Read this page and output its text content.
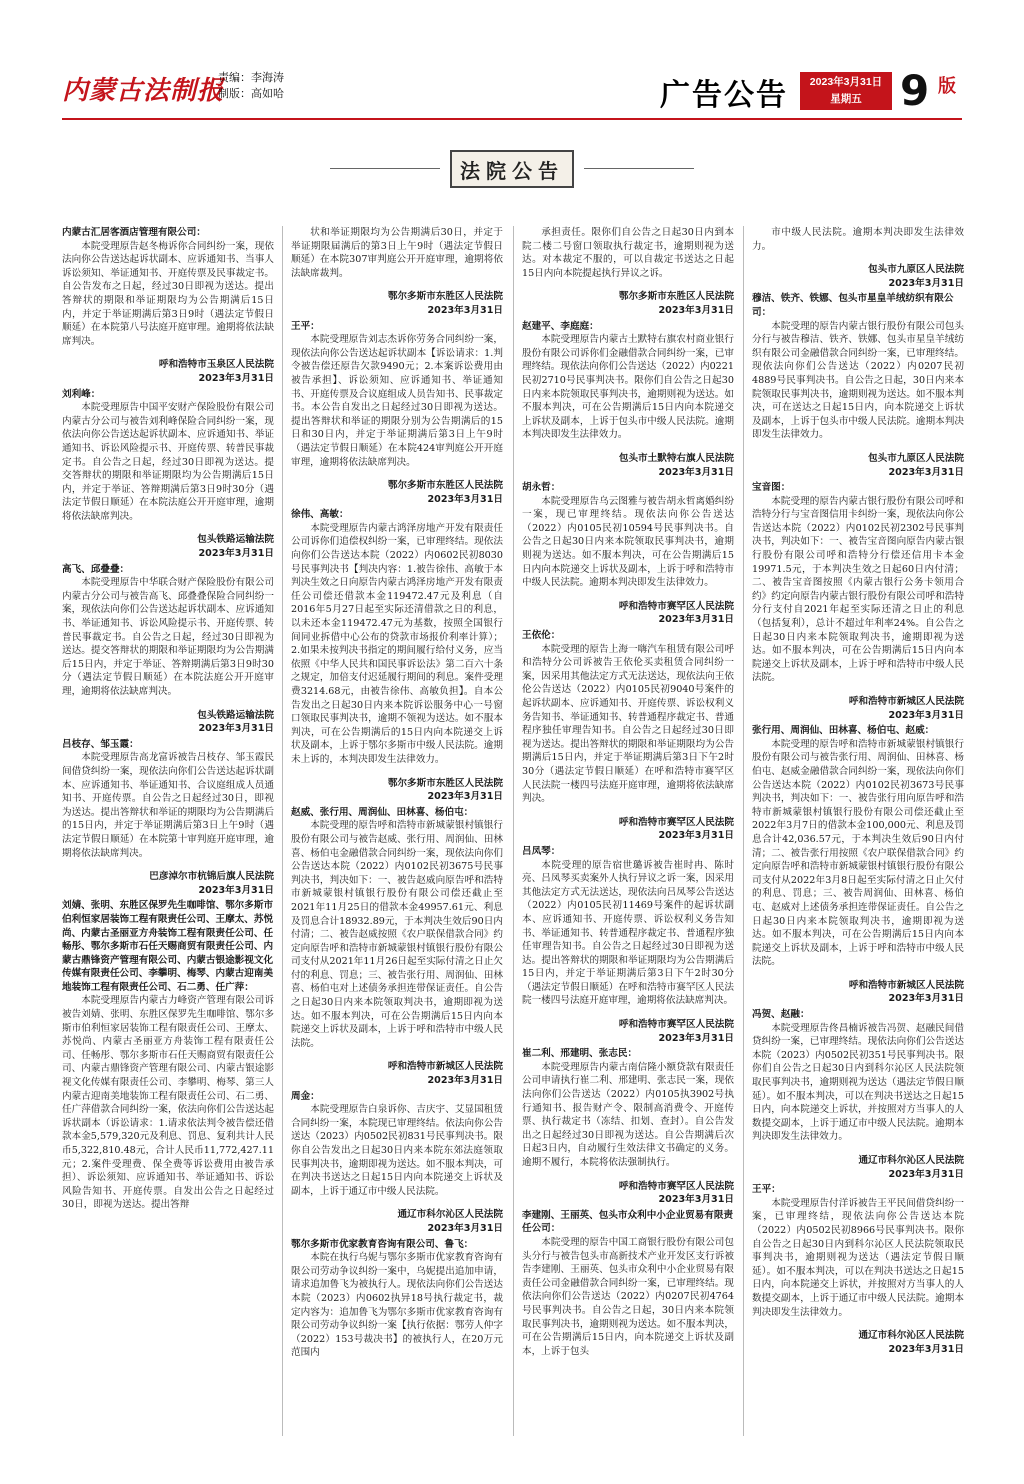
内蒙古法制报
责编：李海涛
制版：高如哈	广告公告	2023年3月31日
星期五 9 版
法院公告
内蒙古汇居客酒店管理有限公司：
本院受理原告赵冬梅诉你合同纠纷一案，现依法向你公告送达起诉状副本、应诉通知书、当事人诉讼须知、举证通知书、开庭传票及民事裁定书。自公告发布之日起，经过30日即视为送达。提出答辩状的期限和举证期限均为公告期满后15日内，并定于举证期满后第3日9时（遇法定节假日顺延）在本院第八号法庭开庭审理。逾期将依法缺席判决。
呼和浩特市玉泉区人民法院
2023年3月31日
刘利峰：
本院受理原告中国平安财产保险股份有限公司内蒙古分公司与被告刘利峰保险合同纠纷一案，现依法向你公告送达起诉状副本、应诉通知书、举证通知书、诉讼风险提示书、开庭传票、转普民事裁定书。自公告之日起，经过30日即视为送达。提交答辩状的期限和举证期限均为公告期满后15日内，并定于举证、答辩期满后第3日9时30分（遇法定节假日顺延）在本院法庭公开开庭审理，逾期将依法缺席判决。
包头铁路运输法院
2023年3月31日
高飞、邱叠叠：
本院受理原告中华联合财产保险股份有限公司内蒙古分公司与被告高飞、邱叠叠保险合同纠纷一案，现依法向你们公告送达起诉状副本、应诉通知书、举证通知书、诉讼风险提示书、开庭传票、转普民事裁定书。自公告之日起，经过30日即视为送达。提交答辩状的期限和举证期限均为公告期满后15日内，并定于举证、答辩期满后第3日9时30分（遇法定节假日顺延）在本院法庭公开开庭审理，逾期将依法缺席判决。
包头铁路运输法院
2023年3月31日
吕枝存、邹玉霞：
本院受理原告高龙富诉被告吕枝存、邹玉霞民间借贷纠纷一案，现依法向你们公告送达起诉状副本、应诉通知书、举证通知书、合议庭组成人员通知书、开庭传票。自公告之日起经过30日，即视为送达。提出答辩状和举证的期限均为公告期满后的15日内，并定于举证期满后第3日上午9时（遇法定节假日顺延）在本院第十审判庭开庭审理，逾期将依法缺席判决。
巴彦淖尔市杭锦后旗人民法院
2023年3月31日
刘婧、张明、东胜区保罗先生咖啡馆、鄂尔多斯市伯利恒家居装饰工程有限责任公司、王摩太、苏悦尚、内蒙古圣丽亚方舟装饰工程有限责任公司、任畅彤、鄂尔多斯市石任天赐商贸有限责任公司、内蒙古鼎锋资产管理有限公司、内蒙古银途影视文化传媒有限责任公司、李攀明、梅琴、内蒙古迎南美地装饰工程有限责任公司、石二勇、任广萍：
本院受理原告内蒙古力峰资产管理有限公司诉被告刘婧、张明、东胜区保罗先生咖啡馆、鄂尔多斯市伯利恒家居装饰工程有限责任公司、王摩太、苏悦尚、内蒙古圣丽亚方舟装饰工程有限责任公司、任畅彤、鄂尔多斯市石任天赐商贸有限责任公司、内蒙古鼎锋资产管理有限公司、内蒙古银途影视文化传媒有限责任公司、李攀明、梅琴、第三人内蒙古迎南美地装饰工程有限责任公司、石二勇、任广萍借款合同纠纷一案，依法向你们公告送达起诉状副本（诉讼请求：1.请求依法判令被告偿还借款本金5,579,320元及利息、罚息、复利共计人民币5,322,810.48元，合计人民币11,772,427.11元；2.案件受理费、保全费等诉讼费用由被告承担）、诉讼须知、应诉通知书、举证通知书、诉讼风险告知书、开庭传票。自发出公告之日起经过30日，即视为送达。提出答辩
状和举证期限均为公告期满后30日，并定于举证期限届满后的第3日上午9时（遇法定节假日顺延）在本院307审判庭公开开庭审理，逾期将依法缺席裁判。
鄂尔多斯市东胜区人民法院
2023年3月31日
王平：
本院受理原告刘志杰诉你劳务合同纠纷一案，现依法向你公告送达起诉状副本【诉讼请求：1.判令被告偿还原告欠款9490元；2.本案诉讼费用由被告承担】、诉讼须知、应诉通知书、举证通知书、开庭传票及合议庭组成人员告知书、民事裁定书。本公告自发出之日起经过30日即视为送达。提出答辩状和举证的期限分别为公告期满后的15日和30日内，并定于举证期满后第3日上午9时（遇法定节假日顺延）在本院424审判庭公开开庭审理，逾期将依法缺席判决。
鄂尔多斯市东胜区人民法院
2023年3月31日
徐伟、高敏：
本院受理原告内蒙古鸿泽房地产开发有限责任公司诉你们追偿权纠纷一案，已审理终结。现依法向你们公告送达本院（2022）内0602民初8030号民事判决书【判决内容：1.被告徐伟、高敏于本判决生效之日向原告内蒙古鸿泽房地产开发有限责任公司偿还借款本金119472.47元及利息（自2016年5月27日起至实际还清借款之日的利息，以未还本金119472.47元为基数，按照全国银行间同业拆借中心公布的贷款市场报价利率计算）；2.如果未按判决书指定的期间履行给付义务，应当依照《中华人民共和国民事诉讼法》第二百六十条之规定，加倍支付迟延履行期间的利息。案件受理费3214.68元，由被告徐伟、高敏负担】。自本公告发出之日起30日内来本院诉讼服务中心一号窗口领取民事判决书，逾期不领视为送达。如不服本判决，可在公告期满后的15日内向本院递交上诉状及副本，上诉于鄂尔多斯市中级人民法院。逾期未上诉的，本判决即发生法律效力。
鄂尔多斯市东胜区人民法院
2023年3月31日
赵威、张行用、周润仙、田林喜、杨伯屯：
本院受理的原告呼和浩特市新城蒙银村镇银行股份有限公司与被告赵威、张行用、周润仙、田林喜、杨伯屯金融借款合同纠纷一案，现依法向你们公告送达本院（2022）内0102民初3675号民事判决书，判决如下：一、被告赵威向原告呼和浩特市新城蒙银村镇银行股份有限公司偿还截止至2021年11月25日的借款本金49957.61元、利息及罚息合计18932.89元，于本判决生效后90日内付清；二、被告赵威按照《农户联保借款合同》约定向原告呼和浩特市新城蒙银村镇银行股份有限公司支付从2021年11月26日起至实际付清之日止欠付的利息、罚息；三、被告张行用、周润仙、田林喜、杨伯屯对上述债务承担连带保证责任。自公告之日起30日内来本院领取判决书，逾期即视为送达。如不服本判决，可在公告期满后15日内向本院递交上诉状及副本，上诉于呼和浩特市中级人民法院。
呼和浩特市新城区人民法院
2023年3月31日
周金：
本院受理原告白泉诉你、吉庆宇、艾显国租赁合同纠纷一案，本院现已审理终结。依法向你公告送达（2023）内0502民初831号民事判决书。限你自公告发出之日起30日内来本院东郊法庭领取民事判决书，逾期即视为送达。如不服本判决，可在判决书送达之日起15日内向本院递交上诉状及副本，上诉于通辽市中级人民法院。
通辽市科尔沁区人民法院
2023年3月31日
鄂尔多斯市优家教育咨询有限公司、鲁飞：
本院在执行乌妮与鄂尔多斯市优家教育咨询有限公司劳动争议纠纷一案中，乌妮提出追加申请，请求追加鲁飞为被执行人。现依法向你们公告送达本院（2023）内0602执异18号执行裁定书，裁定内容为：追加鲁飞为鄂尔多斯市优家教育咨询有限公司劳动争议纠纷一案【执行依据：鄂劳人仲字（2022）153号裁决书】的被执行人，在20万元范围内
承担责任。限你们自公告之日起30日内到本院二楼二号窗口领取执行裁定书，逾期则视为送达。对本裁定不服的，可以自裁定书送达之日起15日内向本院提起执行异议之诉。
鄂尔多斯市东胜区人民法院
2023年3月31日
赵建平、李庭庭：
本院受理原告内蒙古土默特右旗农村商业银行股份有限公司诉你们金融借款合同纠纷一案，已审理终结。现依法向你们公告送达（2022）内0221民初2710号民事判决书。限你们自公告之日起30日内来本院领取民事判决书，逾期则视为送达。如不服本判决，可在公告期满后15日内向本院递交上诉状及副本，上诉于包头市中级人民法院。逾期本判决即发生法律效力。
包头市土默特右旗人民法院
2023年3月31日
胡永哲：
本院受理原告乌云图雅与被告胡永哲离婚纠纷一案，现已审理终结。现依法向你公告送达（2022）内0105民初10594号民事判决书。自公告之日起30日内来本院领取民事判决书，逾期则视为送达。如不服本判决，可在公告期满后15日内向本院递交上诉状及副本，上诉于呼和浩特市中级人民法院。逾期本判决即发生法律效力。
呼和浩特市赛罕区人民法院
2023年3月31日
王依伦：
本院受理的原告上海一嗨汽车租赁有限公司呼和浩特分公司诉被告王依伦买卖租赁合同纠纷一案，因采用其他法定方式无法送达，现依法向王依伦公告送达（2022）内0105民初9040号案件的起诉状副本、应诉通知书、开庭传票、诉讼权利义务告知书、举证通知书、转普通程序裁定书、普通程序独任审理告知书。自公告之日起经过30日即视为送达。提出答辩状的期限和举证期限均为公告期满后15日内，并定于举证期满后第3日下午2时30分（遇法定节假日顺延）在呼和浩特市赛罕区人民法院一楼四号法庭开庭审理，逾期将依法缺席判决。
呼和浩特市赛罕区人民法院
2023年3月31日
吕凤琴：
本院受理的原告宿世璐诉被告崔时冉、陈时亮、吕凤琴买卖案外人执行异议之诉一案，因采用其他法定方式无法送达，现依法向吕凤琴公告送达（2022）内0105民初11469号案件的起诉状副本、应诉通知书、开庭传票、诉讼权利义务告知书、举证通知书、转普通程序裁定书、普通程序独任审理告知书。自公告之日起经过30日即视为送达。提出答辩状的期限和举证期限均为公告期满后15日内，并定于举证期满后第3日下午2时30分（遇法定节假日顺延）在呼和浩特市赛罕区人民法院一楼四号法庭开庭审理，逾期将依法缺席判决。
呼和浩特市赛罕区人民法院
2023年3月31日
崔二利、邢建明、张志民：
本院受理原告内蒙古南信隆小额贷款有限责任公司申请执行崔二利、邢建明、张志民一案，现依法向你们公告送达（2022）内0105执3902号执行通知书、报告财产令、限制高消费令、开庭传票、执行裁定书（冻结、扣划、查封）。自公告发出之日起经过30日即视为送达。自公告期满后次日起3日内，自动履行生效法律文书确定的义务。逾期不履行，本院将依法强制执行。
呼和浩特市赛罕区人民法院
2023年3月31日
李建刚、王丽英、包头市众利中小企业贸易有限责任公司：
本院受理的原告中国工商银行股份有限公司包头分行与被告包头市高新技术产业开发区支行诉被告李建刚、王丽英、包头市众利中小企业贸易有限责任公司金融借款合同纠纷一案，已审理终结。现依法向你们公告送达（2022）内0207民初4764号民事判决书。自公告之日起，30日内来本院领取民事判决书，逾期则视为送达。如不服本判决，可在公告期满后15日内，向本院递交上诉状及副本，上诉于包头
市中级人民法院。逾期本判决即发生法律效力。
包头市九原区人民法院
2023年3月31日
穆洁、铁齐、铁娜、包头市星皇羊绒纺织有限公司：
本院受理的原告内蒙古银行股份有限公司包头分行与被告穆洁、铁齐、铁娜、包头市星皇羊绒纺织有限公司金融借款合同纠纷一案，已审理终结。现依法向你们公告送达（2022）内0207民初4889号民事判决书。自公告之日起，30日内来本院领取民事判决书，逾期则视为送达。如不服本判决，可在送达之日起15日内，向本院递交上诉状及副本，上诉于包头市中级人民法院。逾期本判决即发生法律效力。
包头市九原区人民法院
2023年3月31日
宝音图：
本院受理的原告内蒙古银行股份有限公司呼和浩特分行与宝音图信用卡纠纷一案，现依法向你公告送达本院（2022）内0102民初2302号民事判决书，判决如下：一、被告宝音图向原告内蒙古银行股份有限公司呼和浩特分行偿还信用卡本金19971.5元，于本判决生效之日起60日内付清；二、被告宝音图按照《内蒙古银行公务卡领用合约》约定向原告内蒙古银行股份有限公司呼和浩特分行支付自2021年起至实际还清之日止的利息（包括复利），总计不超过年利率24%。自公告之日起30日内来本院领取判决书，逾期即视为送达。如不服本判决，可在公告期满后15日内向本院递交上诉状及副本，上诉于呼和浩特市中级人民法院。
呼和浩特市新城区人民法院
2023年3月31日
张行用、周润仙、田林喜、杨伯屯、赵威：
本院受理的原告呼和浩特市新城蒙银村镇银行股份有限公司与被告张行用、周润仙、田林喜、杨伯屯、赵威金融借款合同纠纷一案，现依法向你们公告送达本院（2022）内0102民初3673号民事判决书，判决如下：一、被告张行用向原告呼和浩特市新城蒙银村镇银行股份有限公司偿还截止至2022年3月7日的借款本金100,000元、利息及罚息合计42,036.57元，于本判决生效后90日内付清；二、被告张行用按照《农户联保借款合同》约定向原告呼和浩特市新城蒙银村镇银行股份有限公司支付从2022年3月8日起至实际付清之日止欠付的利息、罚息；三、被告周润仙、田林喜、杨伯屯、赵威对上述债务承担连带保证责任。自公告之日起30日内来本院领取判决书，逾期即视为送达。如不服本判决，可在公告期满后15日内向本院递交上诉状及副本，上诉于呼和浩特市中级人民法院。
呼和浩特市新城区人民法院
2023年3月31日
冯贺、赵融：
本院受理原告佟昌楠诉被告冯贺、赵融民间借贷纠纷一案，已审理终结。现依法向你们公告送达本院（2023）内0502民初351号民事判决书。限你们自公告之日起30日内到科尔沁区人民法院领取民事判决书，逾期则视为送达（遇法定节假日顺延）。如不服本判决，可以在判决书送达之日起15日内，向本院递交上诉状，并按照对方当事人的人数提交副本，上诉于通辽市中级人民法院。逾期本判决即发生法律效力。
通辽市科尔沁区人民法院
2023年3月31日
王平：
本院受理原告付洋诉被告王平民间借贷纠纷一案，已审理终结，现依法向你公告送达本院（2022）内0502民初8966号民事判决书。限你自公告之日起30日内到科尔沁区人民法院领取民事判决书，逾期则视为送达（遇法定节假日顺延）。如不服本判决，可以在判决书送达之日起15日内，向本院递交上诉状，并按照对方当事人的人数提交副本，上诉于通辽市中级人民法院。逾期本判决即发生法律效力。
通辽市科尔沁区人民法院
2023年3月31日
